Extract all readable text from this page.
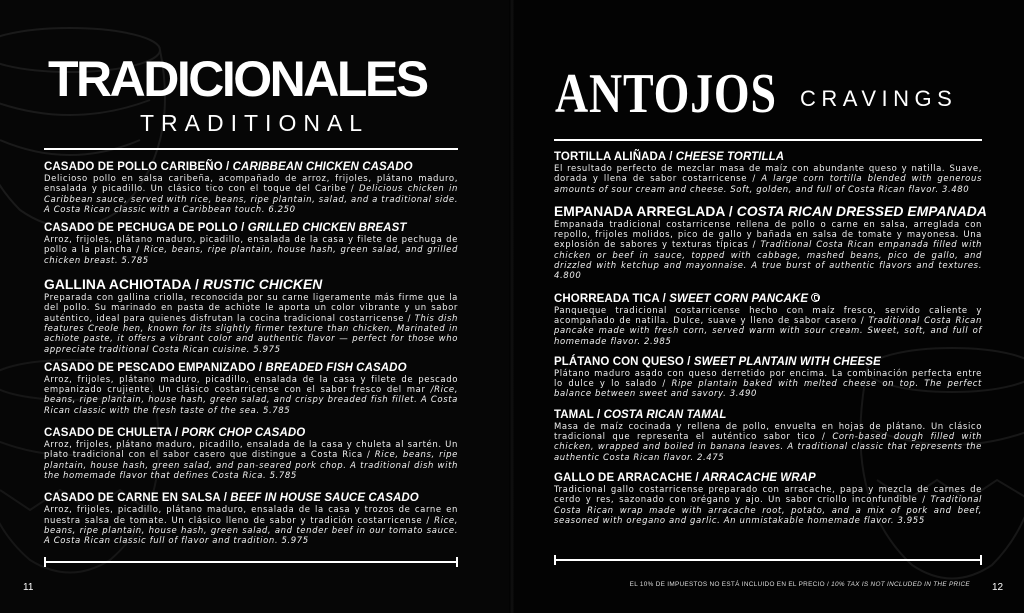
TRADICIONALES
TRADITIONAL
CASADO DE POLLO CARIBEÑO / CARIBBEAN CHICKEN CASADO
Delicioso pollo en salsa caribeña, acompañado de arroz, frijoles, plátano maduro, ensalada y picadillo. Un clásico tico con el toque del Caribe / Delicious chicken in Caribbean sauce, served with rice, beans, ripe plantain, salad, and a traditional side. A Costa Rican classic with a Caribbean touch. 6.250
CASADO DE PECHUGA DE POLLO / GRILLED CHICKEN BREAST
Arroz, frijoles, plátano maduro, picadillo, ensalada de la casa y filete de pechuga de pollo a la plancha / Rice, beans, ripe plantain, house hash, green salad, and grilled chicken breast. 5.785
GALLINA ACHIOTADA / RUSTIC CHICKEN
Preparada con gallina criolla, reconocida por su carne ligeramente más firme que la del pollo. Su marinado en pasta de achiote le aporta un color vibrante y un sabor auténtico, ideal para quienes disfrutan la cocina tradicional costarricense / This dish features Creole hen, known for its slightly firmer texture than chicken. Marinated in achiote paste, it offers a vibrant color and authentic flavor — perfect for those who appreciate traditional Costa Rican cuisine. 5.975
CASADO DE PESCADO EMPANIZADO / BREADED FISH CASADO
Arroz, frijoles, plátano maduro, picadillo, ensalada de la casa y filete de pescado empanizado crujiente. Un clásico costarricense con el sabor fresco del mar /Rice, beans, ripe plantain, house hash, green salad, and crispy breaded fish fillet. A Costa Rican classic with the fresh taste of the sea. 5.785
CASADO DE CHULETA / PORK CHOP CASADO
Arroz, frijoles, plátano maduro, picadillo, ensalada de la casa y chuleta al sartén. Un plato tradicional con el sabor casero que distingue a Costa Rica / Rice, beans, ripe plantain, house hash, green salad, and pan-seared pork chop. A traditional dish with the homemade flavor that defines Costa Rica. 5.785
CASADO DE CARNE EN SALSA / BEEF IN HOUSE SAUCE CASADO
Arroz, frijoles, picadillo, plátano maduro, ensalada de la casa y trozos de carne en nuestra salsa de tomate. Un clásico lleno de sabor y tradición costarricense / Rice, beans, ripe plantain, house hash, green salad, and tender beef in our tomato sauce. A Costa Rican classic full of flavor and tradition. 5.975
11
ANTOJOS CRAVINGS
TORTILLA ALIÑADA / CHEESE TORTILLA
El resultado perfecto de mezclar masa de maíz con abundante queso y natilla. Suave, dorada y llena de sabor costarricense / A large corn tortilla blended with generous amounts of sour cream and cheese. Soft, golden, and full of Costa Rican flavor. 3.480
EMPANADA ARREGLADA / COSTA RICAN DRESSED EMPANADA
Empanada tradicional costarricense rellena de pollo o carne en salsa, arreglada con repollo, frijoles molidos, pico de gallo y bañada en salsa de tomate y mayonesa. Una explosión de sabores y texturas típicas / Traditional Costa Rican empanada filled with chicken or beef in sauce, topped with cabbage, mashed beans, pico de gallo, and drizzled with ketchup and mayonnaise. A true burst of authentic flavors and textures. 4.800
CHORREADA TICA / SWEET CORN PANCAKE
Panqueque tradicional costarricense hecho con maíz fresco, servido caliente y acompañado de natilla. Dulce, suave y lleno de sabor casero / Traditional Costa Rican pancake made with fresh corn, served warm with sour cream. Sweet, soft, and full of homemade flavor. 2.985
PLÁTANO CON QUESO / SWEET PLANTAIN WITH CHEESE
Plátano maduro asado con queso derretido por encima. La combinación perfecta entre lo dulce y lo salado / Ripe plantain baked with melted cheese on top. The perfect balance between sweet and savory. 3.490
TAMAL / COSTA RICAN TAMAL
Masa de maíz cocinada y rellena de pollo, envuelta en hojas de plátano. Un clásico tradicional que representa el auténtico sabor tico / Corn-based dough filled with chicken, wrapped and boiled in banana leaves. A traditional classic that represents the authentic Costa Rican flavor. 2.475
GALLO DE ARRACACHE / ARRACACHE WRAP
Tradicional gallo costarricense preparado con arracache, papa y mezcla de carnes de cerdo y res, sazonado con orégano y ajo. Un sabor criollo inconfundible / Traditional Costa Rican wrap made with arracache root, potato, and a mix of pork and beef, seasoned with oregano and garlic. An unmistakable homemade flavor. 3.955
EL 10% DE IMPUESTOS NO ESTÁ INCLUIDO EN EL PRECIO / 10% TAX IS NOT INCLUDED IN THE PRICE 12
